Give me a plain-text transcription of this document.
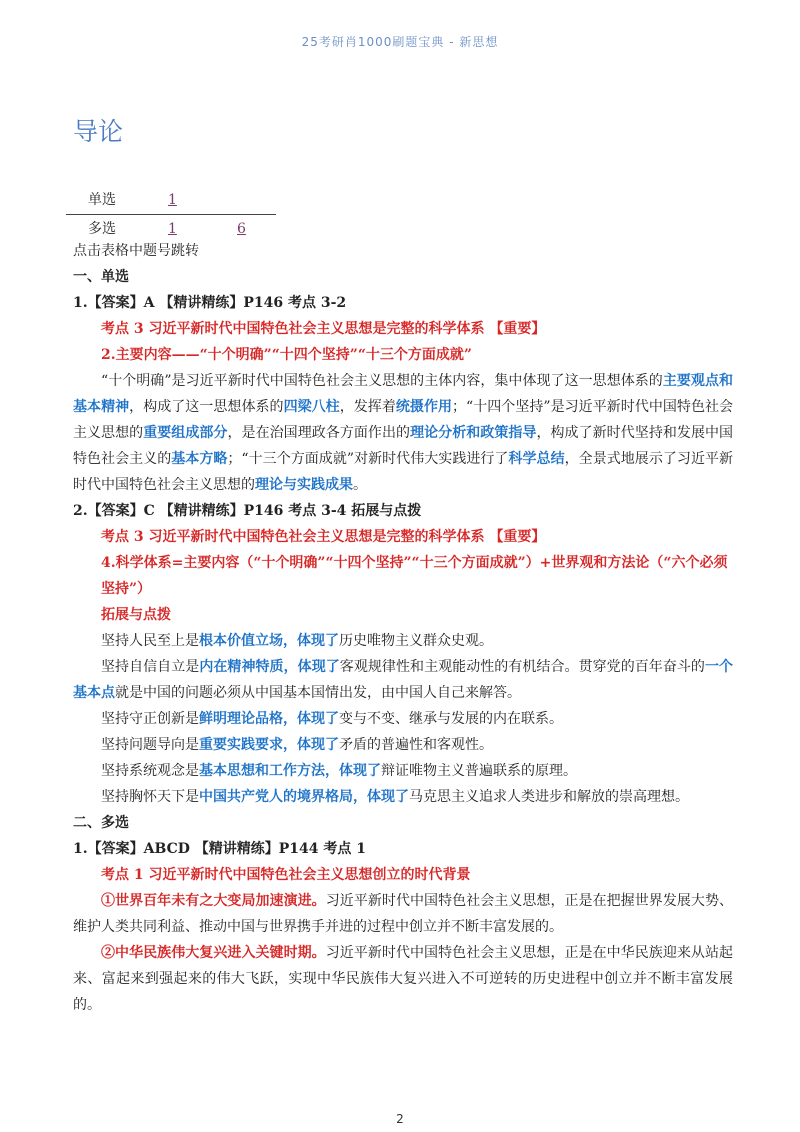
25考研肖1000刷题宝典 - 新思想
导论
单选	1
多选	1	6

点击表格中题号跳转

一、单选

1.【答案】A 【精讲精练】P146 考点 3-2

考点 3 习近平新时代中国特色社会主义思想是完整的科学体系 【重要】

2.主要内容——“十个明确”“十四个坚持”“十三个方面成就”

“十个明确”是习近平新时代中国特色社会主义思想的主体内容，集中体现了这一思想体系的主要观点和基本精神，构成了这一思想体系的四梁八柱，发挥着统摄作用；“十四个坚持”是习近平新时代中国特色社会主义思想的重要组成部分，是在治国理政各方面作出的理论分析和政策指导，构成了新时代坚持和发展中国特色社会主义的基本方略；“十三个方面成就”对新时代伟大实践进行了科学总结，全景式地展示了习近平新时代中国特色社会主义思想的理论与实践成果。

2.【答案】C 【精讲精练】P146 考点 3-4 拓展与点拨

考点 3 习近平新时代中国特色社会主义思想是完整的科学体系 【重要】

4.科学体系=主要内容（“十个明确”“十四个坚持”“十三个方面成就”）+世界观和方法论（“六个必须坚持”）

拓展与点拨

坚持人民至上是根本价值立场，体现了历史唯物主义群众史观。

坚持自信自立是内在精神特质，体现了客观规律性和主观能动性的有机结合。贯穿党的百年奋斗的一个基本点就是中国的问题必须从中国基本国情出发，由中国人自己来解答。

坚持守正创新是鲜明理论品格，体现了变与不变、继承与发展的内在联系。

坚持问题导向是重要实践要求，体现了矛盾的普遍性和客观性。

坚持系统观念是基本思想和工作方法，体现了辩证唯物主义普遍联系的原理。

坚持胸怀天下是中国共产党人的境界格局，体现了马克思主义追求人类进步和解放的崇高理想。

二、多选

1.【答案】ABCD 【精讲精练】P144 考点 1

考点 1 习近平新时代中国特色社会主义思想创立的时代背景

①世界百年未有之大变局加速演进。习近平新时代中国特色社会主义思想，正是在把握世界发展大势、维护人类共同利益、推动中国与世界携手并进的过程中创立并不断丰富发展的。

②中华民族伟大复兴进入关键时期。习近平新时代中国特色社会主义思想，正是在中华民族迎来从站起来、富起来到强起来的伟大飞跃，实现中华民族伟大复兴进入不可逆转的历史进程中创立并不断丰富发展的。

2
